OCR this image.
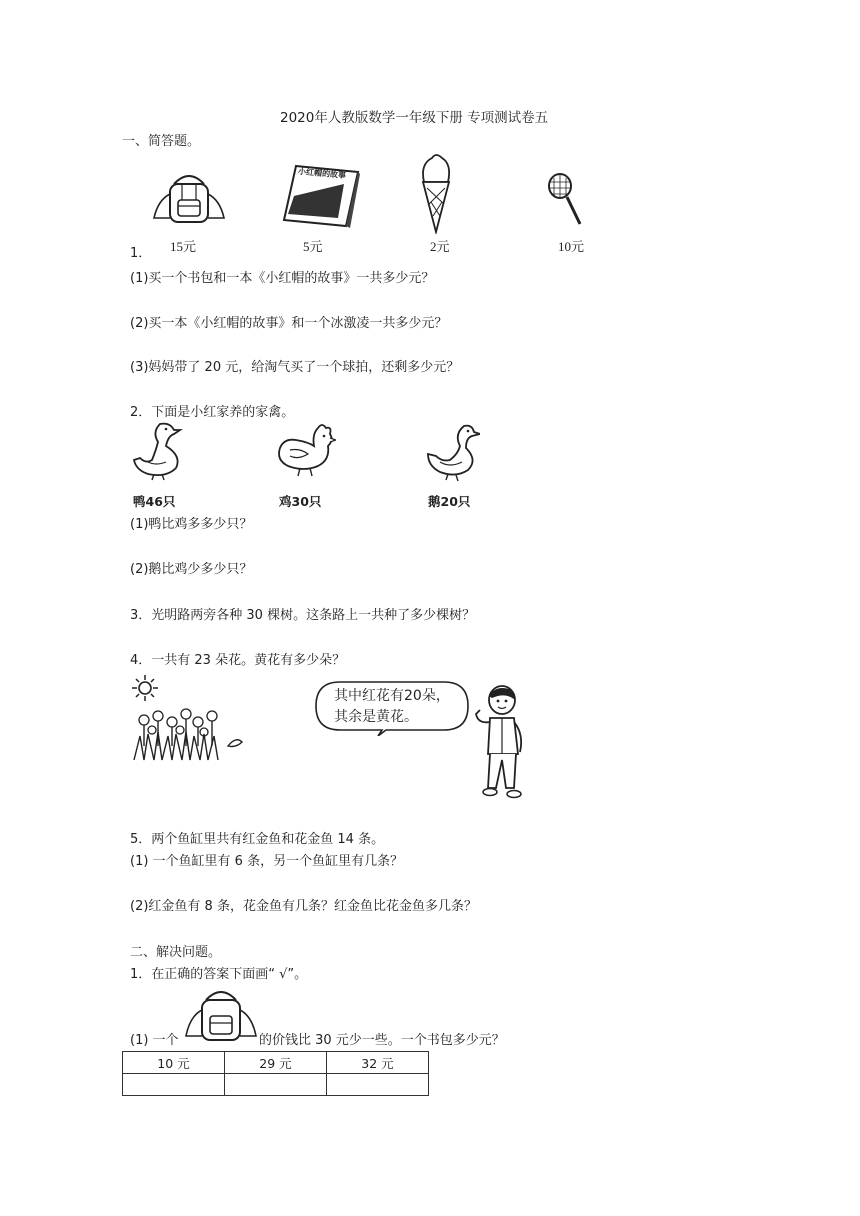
2020年人教版数学一年级下册 专项测试卷五
一、简答题。
小红帽的故事
1． 15元	5元	2元	10元
(1)买一个书包和一本《小红帽的故事》一共多少元？
(2)买一本《小红帽的故事》和一个冰激凌一共多少元？
(3)妈妈带了 20 元，给淘气买了一个球拍，还剩多少元？
2．下面是小红家养的家禽。
鸭46只	鸡30只	鹅20只
(1)鸭比鸡多多少只？
(2)鹅比鸡少多少只？
3．光明路两旁各种 30 棵树。这条路上一共种了多少棵树？
4．一共有 23 朵花。黄花有多少朵？
其中红花有20朵，
其余是黄花。
5．两个鱼缸里共有红金鱼和花金鱼 14 条。
(1) 一个鱼缸里有 6 条，另一个鱼缸里有几条？
(2)红金鱼有 8 条，花金鱼有几条？红金鱼比花金鱼多几条？
二、解决问题。
1．在正确的答案下面画“ √”。
(1) 一个	的价钱比 30 元少一些。一个书包多少元？
10 元	29 元	32 元
